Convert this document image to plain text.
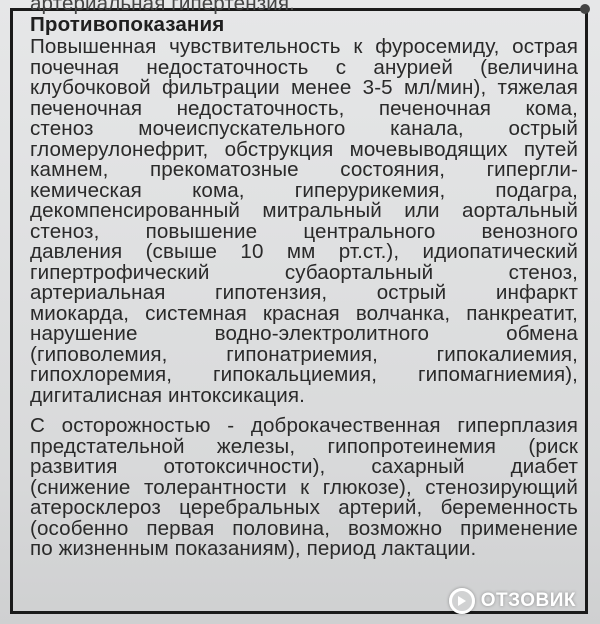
артериальная гипертензия.
Противопоказания
Повышенная чувствительность к фуросемиду, острая
почечная недостаточность с анурией (величина
клубочковой фильтрации менее 3-5 мл/мин), тяжелая
печеночная недостаточность, печеночная кома,
стеноз мочеиспускательного канала, острый
гломерулонефрит, обструкция мочевыводящих путей
камнем, прекоматозные состояния, гипергли-
кемическая кома, гиперурикемия, подагра,
декомпенсированный митральный или аортальный
стеноз, повышение центрального венозного
давления (свыше 10 мм рт.ст.), идиопатический
гипертрофический субаортальный стеноз,
артериальная гипотензия, острый инфаркт
миокарда, системная красная волчанка, панкреатит,
нарушение водно-электролитного обмена
(гиповолемия, гипонатриемия, гипокалиемия,
гипохлоремия, гипокальциемия, гипомагниемия),
дигиталисная интоксикация.
С осторожностью - доброкачественная гиперплазия
предстательной железы, гипопротеинемия (риск
развития ототоксичности), сахарный диабет
(снижение толерантности к глюкозе), стенозирующий
атеросклероз церебральных артерий, беременность
(особенно первая половина, возможно применение
по жизненным показаниям), период лактации.
ОТЗОВИК
